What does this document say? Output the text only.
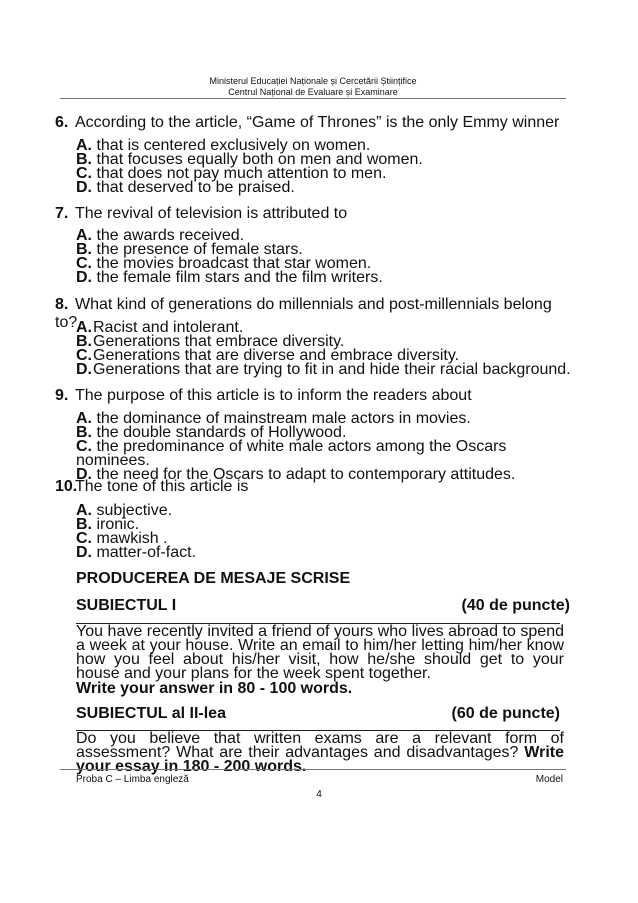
Ministerul Educației Naționale și Cercetării Științifice
Centrul Național de Evaluare și Examinare
6. According to the article, “Game of Thrones” is the only Emmy winner
A. that is centered exclusively on women.
B. that focuses equally both on men and women.
C. that does not pay much attention to men.
D. that deserved to be praised.
7. The revival of television is attributed to
A. the awards received.
B. the presence of female stars.
C. the movies broadcast that star women.
D. the female film stars and the film writers.
8. What kind of generations do millennials and post-millennials belong to?
A.Racist and intolerant.
B.Generations that embrace diversity.
C.Generations that are diverse and embrace diversity.
D.Generations that are trying to fit in and hide their racial background.
9. The purpose of this article is to inform the readers about
A. the dominance of mainstream male actors in movies.
B. the double standards of Hollywood.
C. the predominance of white male actors among the Oscars nominees.
D. the need for the Oscars to adapt to contemporary attitudes.
10.The tone of this article is
A. subjective.
B. ironic.
C. mawkish .
D. matter-of-fact.
PRODUCEREA DE MESAJE SCRISE
SUBIECTUL I	(40 de puncte)
You have recently invited a friend of yours who lives abroad to spend a week at your house. Write an email to him/her letting him/her know how you feel about his/her visit, how he/she should get to your house and your plans for the week spent together.
Write your answer in 80 - 100 words.
SUBIECTUL al II-lea	(60 de puncte)
Do you believe that written exams are a relevant form of assessment? What are their advantages and disadvantages? Write your essay in 180 - 200 words.
Proba C – Limba engleză	Model
4
